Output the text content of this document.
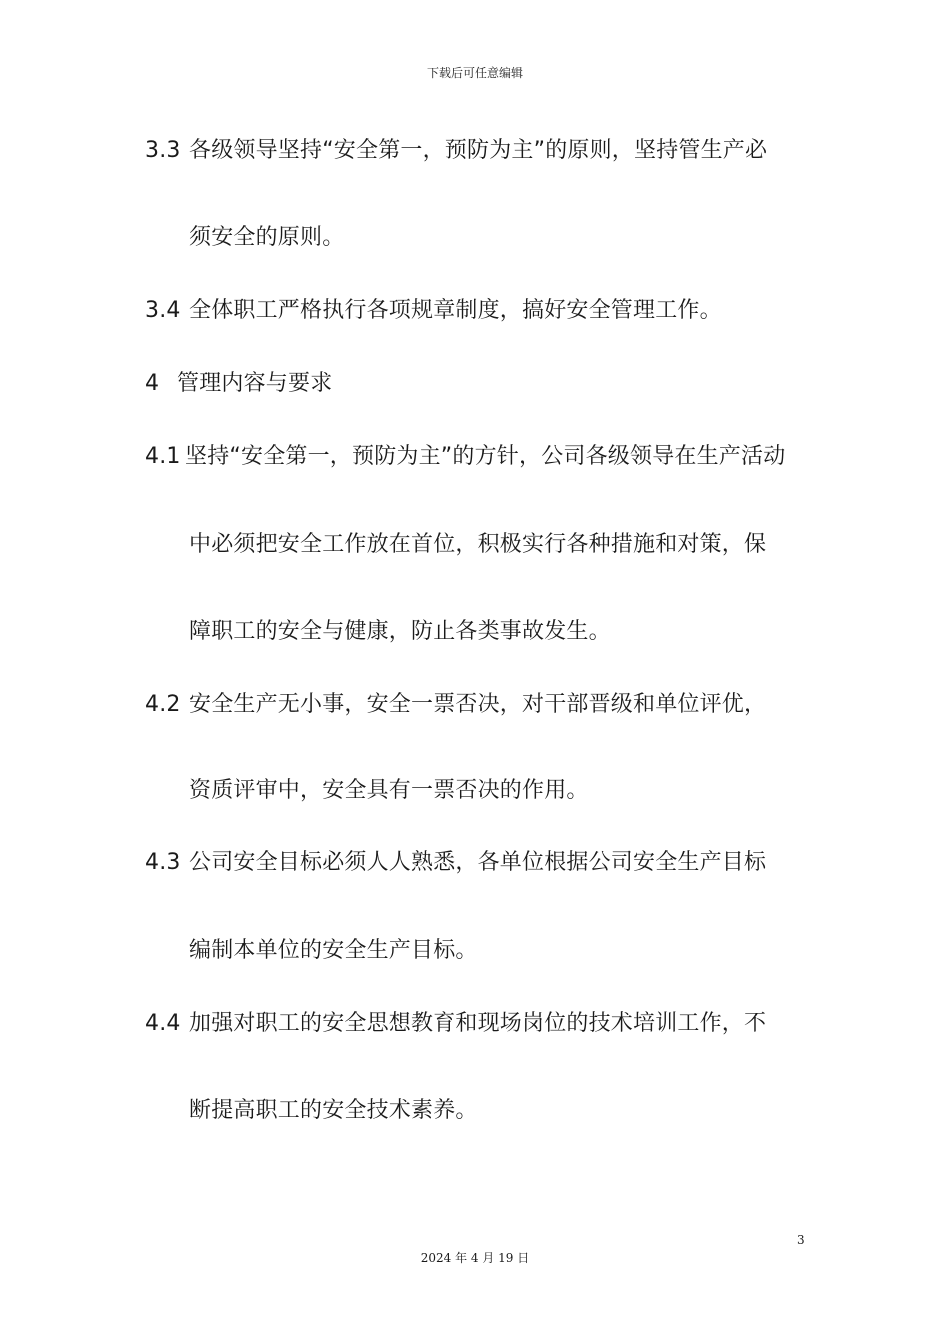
下载后可任意编辑
3.3 各级领导坚持“安全第一，预防为主”的原则，坚持管生产必
须安全的原则。
3.4 全体职工严格执行各项规章制度，搞好安全管理工作。
4 管理内容与要求
4.1 坚持“安全第一，预防为主”的方针，公司各级领导在生产活动
中必须把安全工作放在首位，积极实行各种措施和对策，保
障职工的安全与健康，防止各类事故发生。
4.2 安全生产无小事，安全一票否决，对干部晋级和单位评优，
资质评审中，安全具有一票否决的作用。
4.3 公司安全目标必须人人熟悉，各单位根据公司安全生产目标
编制本单位的安全生产目标。
4.4 加强对职工的安全思想教育和现场岗位的技术培训工作，不
断提高职工的安全技术素养。
3
2024 年 4 月 19 日
